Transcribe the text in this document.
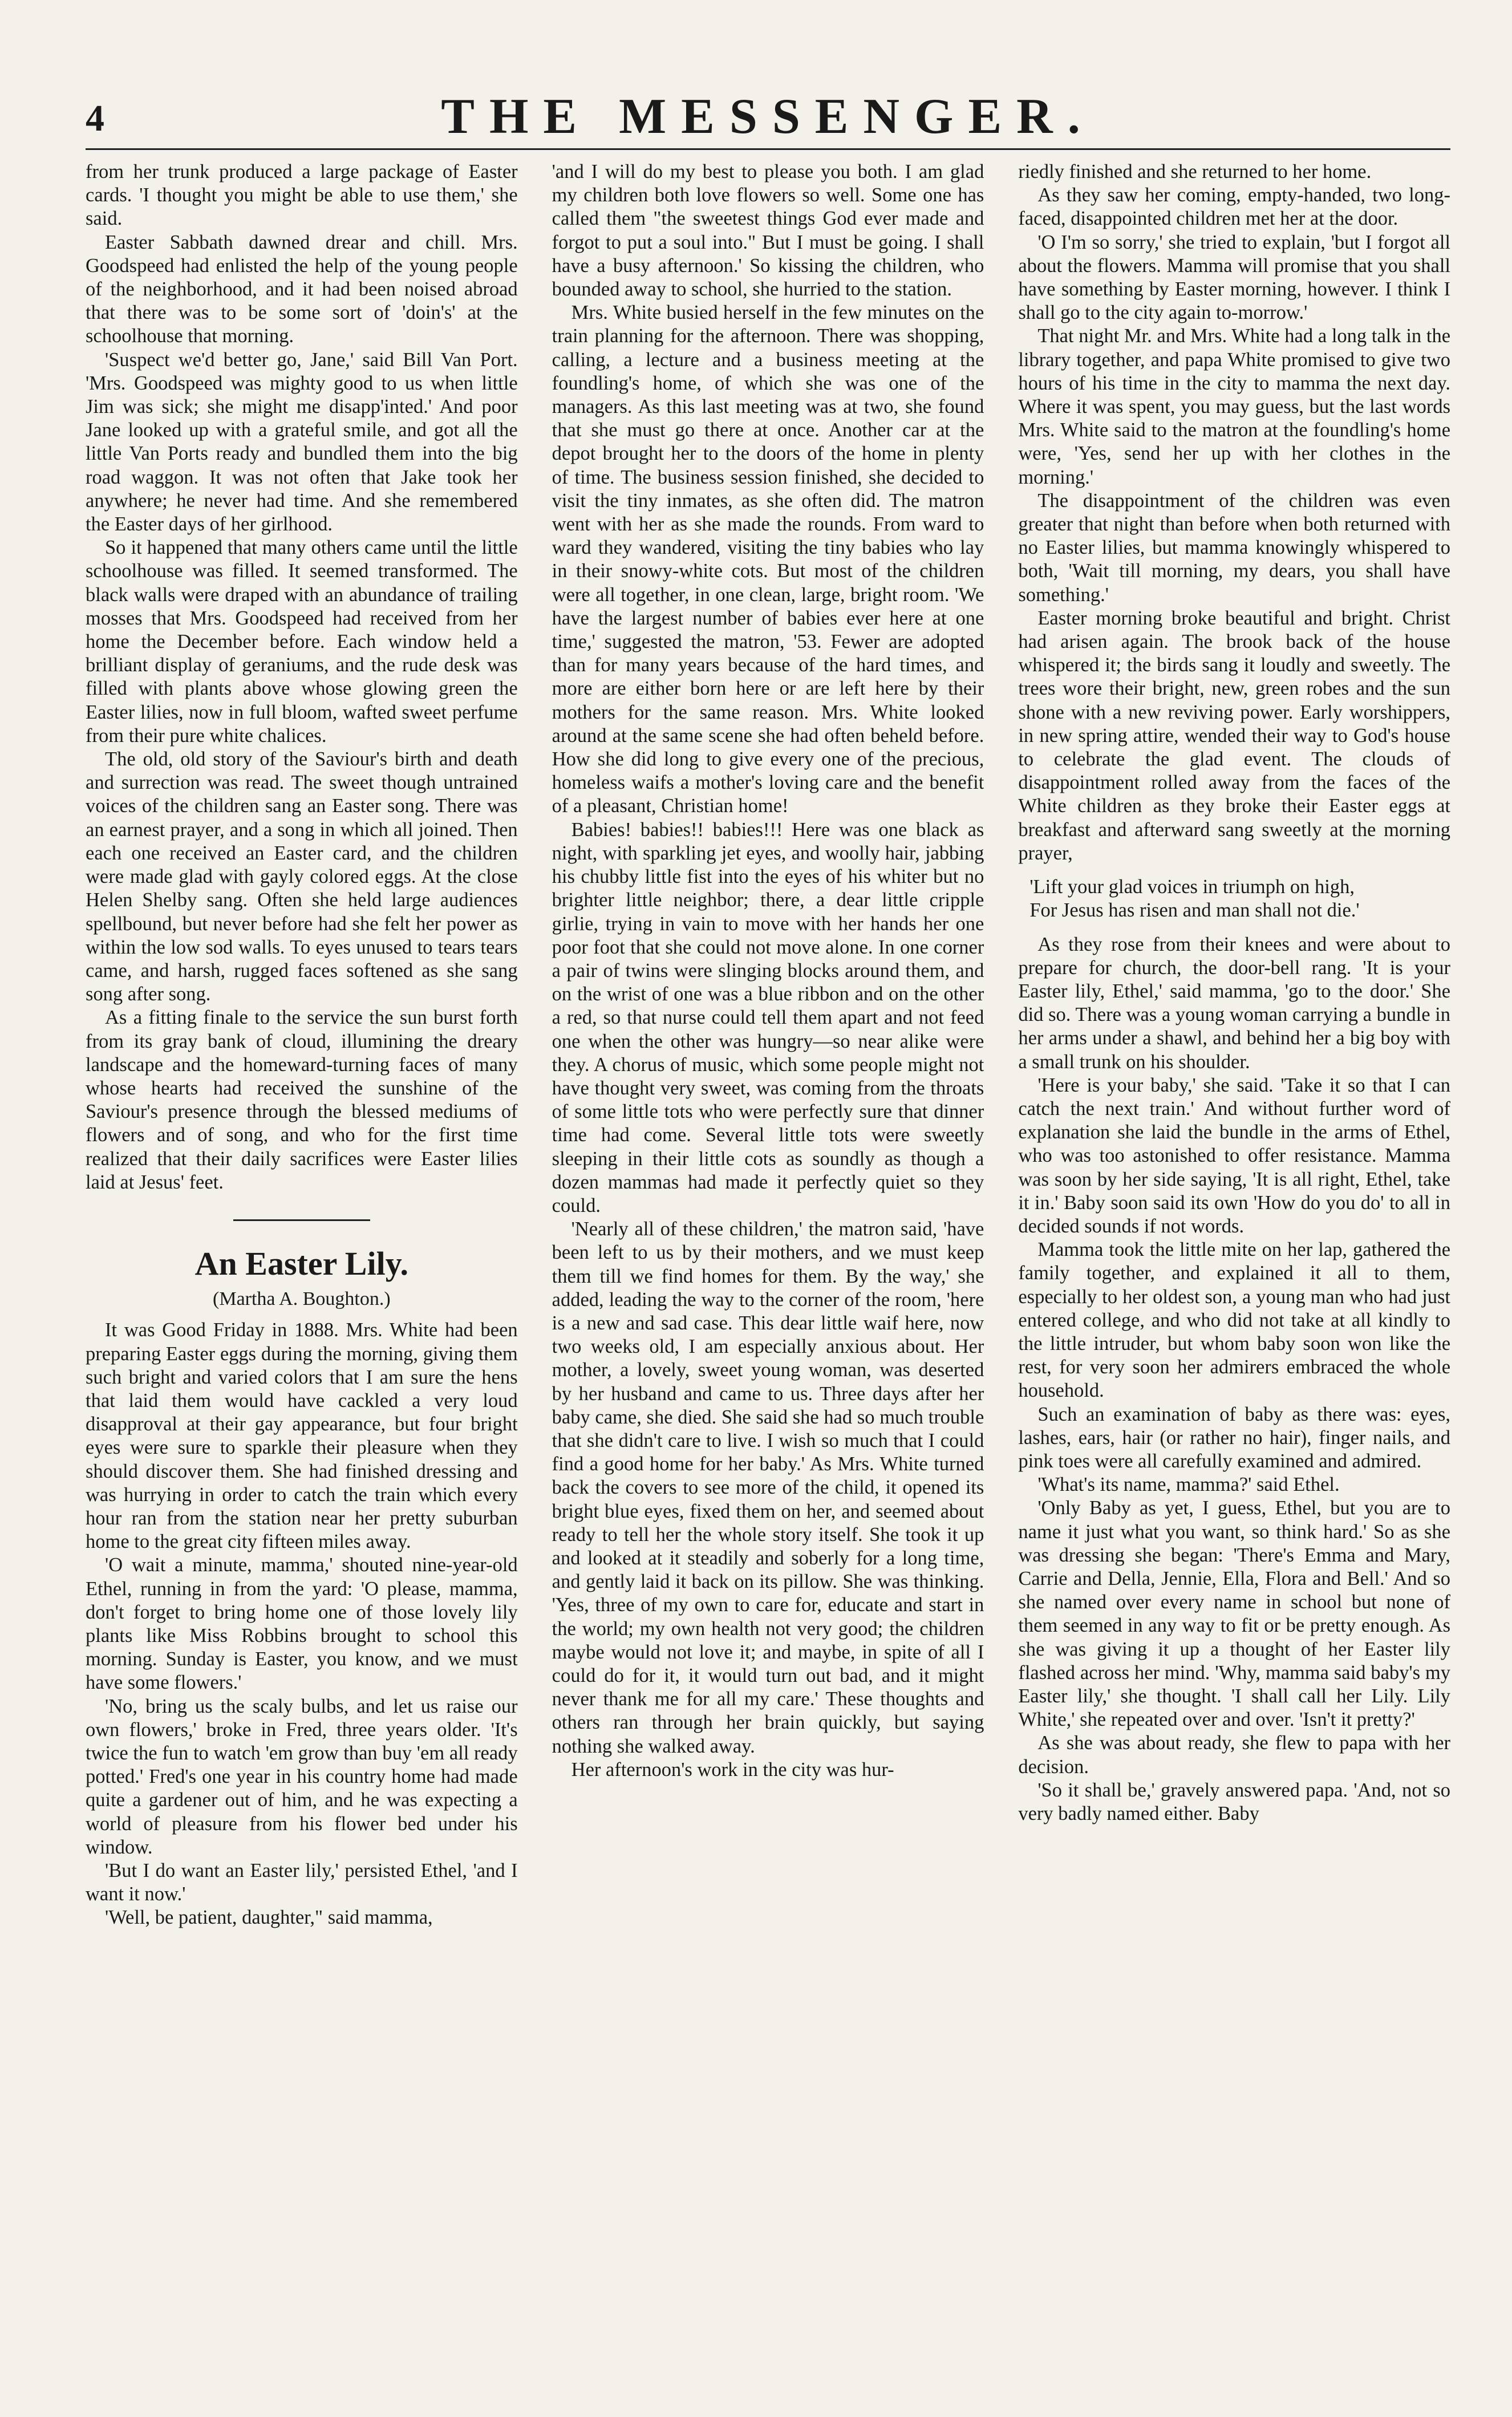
4	THE MESSENGER.

from her trunk produced a large package of Easter cards. 'I thought you might be able to use them,' she said.

Easter Sabbath dawned drear and chill. Mrs. Goodspeed had enlisted the help of the young people of the neighborhood, and it had been noised abroad that there was to be some sort of 'doin's' at the schoolhouse that morning.

'Suspect we'd better go, Jane,' said Bill Van Port. 'Mrs. Goodspeed was mighty good to us when little Jim was sick; she might me disapp'inted.' And poor Jane looked up with a grateful smile, and got all the little Van Ports ready and bundled them into the big road waggon. It was not often that Jake took her anywhere; he never had time. And she remembered the Easter days of her girlhood.

So it happened that many others came until the little schoolhouse was filled. It seemed transformed. The black walls were draped with an abundance of trailing mosses that Mrs. Goodspeed had received from her home the December before. Each window held a brilliant display of geraniums, and the rude desk was filled with plants above whose glowing green the Easter lilies, now in full bloom, wafted sweet perfume from their pure white chalices.

The old, old story of the Saviour's birth and death and surrection was read. The sweet though untrained voices of the children sang an Easter song. There was an earnest prayer, and a song in which all joined. Then each one received an Easter card, and the children were made glad with gayly colored eggs. At the close Helen Shelby sang. Often she held large audiences spellbound, but never before had she felt her power as within the low sod walls. To eyes unused to tears tears came, and harsh, rugged faces softened as she sang song after song.

As a fitting finale to the service the sun burst forth from its gray bank of cloud, illumining the dreary landscape and the homeward-turning faces of many whose hearts had received the sunshine of the Saviour's presence through the blessed mediums of flowers and of song, and who for the first time realized that their daily sacrifices were Easter lilies laid at Jesus' feet.

An Easter Lily.
(Martha A. Boughton.)

It was Good Friday in 1888. Mrs. White had been preparing Easter eggs during the morning, giving them such bright and varied colors that I am sure the hens that laid them would have cackled a very loud disapproval at their gay appearance, but four bright eyes were sure to sparkle their pleasure when they should discover them. She had finished dressing and was hurrying in order to catch the train which every hour ran from the station near her pretty suburban home to the great city fifteen miles away.

'O wait a minute, mamma,' shouted nine-year-old Ethel, running in from the yard: 'O please, mamma, don't forget to bring home one of those lovely lily plants like Miss Robbins brought to school this morning. Sunday is Easter, you know, and we must have some flowers.'

'No, bring us the scaly bulbs, and let us raise our own flowers,' broke in Fred, three years older. 'It's twice the fun to watch 'em grow than buy 'em all ready potted.' Fred's one year in his country home had made quite a gardener out of him, and he was expecting a world of pleasure from his flower bed under his window.

'But I do want an Easter lily,' persisted Ethel, 'and I want it now.'

'Well, be patient, daughter," said mamma,

'and I will do my best to please you both. I am glad my children both love flowers so well. Some one has called them "the sweetest things God ever made and forgot to put a soul into." But I must be going. I shall have a busy afternoon.' So kissing the children, who bounded away to school, she hurried to the station.

Mrs. White busied herself in the few minutes on the train planning for the afternoon. There was shopping, calling, a lecture and a business meeting at the foundling's home, of which she was one of the managers. As this last meeting was at two, she found that she must go there at once. Another car at the depot brought her to the doors of the home in plenty of time. The business session finished, she decided to visit the tiny inmates, as she often did. The matron went with her as she made the rounds. From ward to ward they wandered, visiting the tiny babies who lay in their snowy-white cots. But most of the children were all together, in one clean, large, bright room. 'We have the largest number of babies ever here at one time,' suggested the matron, '53. Fewer are adopted than for many years because of the hard times, and more are either born here or are left here by their mothers for the same reason. Mrs. White looked around at the same scene she had often beheld before. How she did long to give every one of the precious, homeless waifs a mother's loving care and the benefit of a pleasant, Christian home!

Babies! babies!! babies!!! Here was one black as night, with sparkling jet eyes, and woolly hair, jabbing his chubby little fist into the eyes of his whiter but no brighter little neighbor; there, a dear little cripple girlie, trying in vain to move with her hands her one poor foot that she could not move alone. In one corner a pair of twins were slinging blocks around them, and on the wrist of one was a blue ribbon and on the other a red, so that nurse could tell them apart and not feed one when the other was hungry—so near alike were they. A chorus of music, which some people might not have thought very sweet, was coming from the throats of some little tots who were perfectly sure that dinner time had come. Several little tots were sweetly sleeping in their little cots as soundly as though a dozen mammas had made it perfectly quiet so they could.

'Nearly all of these children,' the matron said, 'have been left to us by their mothers, and we must keep them till we find homes for them. By the way,' she added, leading the way to the corner of the room, 'here is a new and sad case. This dear little waif here, now two weeks old, I am especially anxious about. Her mother, a lovely, sweet young woman, was deserted by her husband and came to us. Three days after her baby came, she died. She said she had so much trouble that she didn't care to live. I wish so much that I could find a good home for her baby.' As Mrs. White turned back the covers to see more of the child, it opened its bright blue eyes, fixed them on her, and seemed about ready to tell her the whole story itself. She took it up and looked at it steadily and soberly for a long time, and gently laid it back on its pillow. She was thinking. 'Yes, three of my own to care for, educate and start in the world; my own health not very good; the children maybe would not love it; and maybe, in spite of all I could do for it, it would turn out bad, and it might never thank me for all my care.' These thoughts and others ran through her brain quickly, but saying nothing she walked away.

Her afternoon's work in the city was hur-

riedly finished and she returned to her home.

As they saw her coming, empty-handed, two long-faced, disappointed children met her at the door.

'O I'm so sorry,' she tried to explain, 'but I forgot all about the flowers. Mamma will promise that you shall have something by Easter morning, however. I think I shall go to the city again to-morrow.'

That night Mr. and Mrs. White had a long talk in the library together, and papa White promised to give two hours of his time in the city to mamma the next day. Where it was spent, you may guess, but the last words Mrs. White said to the matron at the foundling's home were, 'Yes, send her up with her clothes in the morning.'

The disappointment of the children was even greater that night than before when both returned with no Easter lilies, but mamma knowingly whispered to both, 'Wait till morning, my dears, you shall have something.'

Easter morning broke beautiful and bright. Christ had arisen again. The brook back of the house whispered it; the birds sang it loudly and sweetly. The trees wore their bright, new, green robes and the sun shone with a new reviving power. Early worshippers, in new spring attire, wended their way to God's house to celebrate the glad event. The clouds of disappointment rolled away from the faces of the White children as they broke their Easter eggs at breakfast and afterward sang sweetly at the morning prayer,

'Lift your glad voices in triumph on high,
For Jesus has risen and man shall not die.'

As they rose from their knees and were about to prepare for church, the door-bell rang. 'It is your Easter lily, Ethel,' said mamma, 'go to the door.' She did so. There was a young woman carrying a bundle in her arms under a shawl, and behind her a big boy with a small trunk on his shoulder.

'Here is your baby,' she said. 'Take it so that I can catch the next train.' And without further word of explanation she laid the bundle in the arms of Ethel, who was too astonished to offer resistance. Mamma was soon by her side saying, 'It is all right, Ethel, take it in.' Baby soon said its own 'How do you do' to all in decided sounds if not words.

Mamma took the little mite on her lap, gathered the family together, and explained it all to them, especially to her oldest son, a young man who had just entered college, and who did not take at all kindly to the little intruder, but whom baby soon won like the rest, for very soon her admirers embraced the whole household.

Such an examination of baby as there was: eyes, lashes, ears, hair (or rather no hair), finger nails, and pink toes were all carefully examined and admired.

'What's its name, mamma?' said Ethel.

'Only Baby as yet, I guess, Ethel, but you are to name it just what you want, so think hard.' So as she was dressing she began: 'There's Emma and Mary, Carrie and Della, Jennie, Ella, Flora and Bell.' And so she named over every name in school but none of them seemed in any way to fit or be pretty enough. As she was giving it up a thought of her Easter lily flashed across her mind. 'Why, mamma said baby's my Easter lily,' she thought. 'I shall call her Lily. Lily White,' she repeated over and over. 'Isn't it pretty?'

As she was about ready, she flew to papa with her decision.

'So it shall be,' gravely answered papa. 'And, not so very badly named either. Baby
